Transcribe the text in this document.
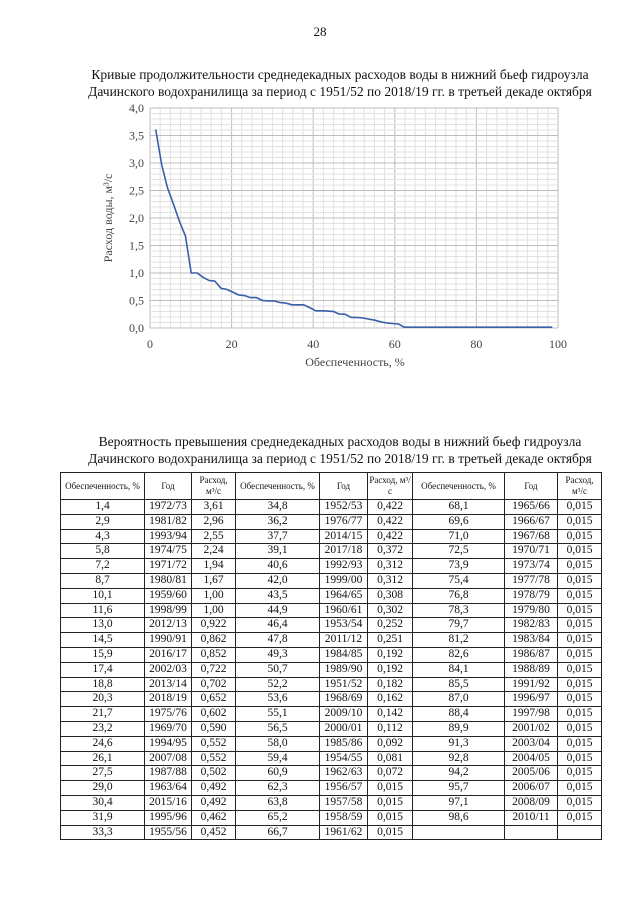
28
Кривые продолжительности среднедекадных расходов воды в нижний бьеф гидроузла
Дачинского водохранилища за период с 1951/52 по 2018/19 гг. в третьей декаде октября
0,0
0,5
1,0
1,5
2,0
2,5
3,0
3,5
4,0
0	20	40	60	80	100
Обеспеченность, %
Расход воды, м³/с
Вероятность превышения среднедекадных расходов воды в нижний бьеф гидроузла
Дачинского водохранилища за период с 1951/52 по 2018/19 гг. в третьей декаде октября
Обеспеченность, %	Год	Расход, м³/с	Обеспеченность, %	Год	Расход, м³/с	Обеспеченность, %	Год	Расход, м³/с
1,4	1972/73	3,61	34,8	1952/53	0,422	68,1	1965/66	0,015
2,9	1981/82	2,96	36,2	1976/77	0,422	69,6	1966/67	0,015
4,3	1993/94	2,55	37,7	2014/15	0,422	71,0	1967/68	0,015
5,8	1974/75	2,24	39,1	2017/18	0,372	72,5	1970/71	0,015
7,2	1971/72	1,94	40,6	1992/93	0,312	73,9	1973/74	0,015
8,7	1980/81	1,67	42,0	1999/00	0,312	75,4	1977/78	0,015
10,1	1959/60	1,00	43,5	1964/65	0,308	76,8	1978/79	0,015
11,6	1998/99	1,00	44,9	1960/61	0,302	78,3	1979/80	0,015
13,0	2012/13	0,922	46,4	1953/54	0,252	79,7	1982/83	0,015
14,5	1990/91	0,862	47,8	2011/12	0,251	81,2	1983/84	0,015
15,9	2016/17	0,852	49,3	1984/85	0,192	82,6	1986/87	0,015
17,4	2002/03	0,722	50,7	1989/90	0,192	84,1	1988/89	0,015
18,8	2013/14	0,702	52,2	1951/52	0,182	85,5	1991/92	0,015
20,3	2018/19	0,652	53,6	1968/69	0,162	87,0	1996/97	0,015
21,7	1975/76	0,602	55,1	2009/10	0,142	88,4	1997/98	0,015
23,2	1969/70	0,590	56,5	2000/01	0,112	89,9	2001/02	0,015
24,6	1994/95	0,552	58,0	1985/86	0,092	91,3	2003/04	0,015
26,1	2007/08	0,552	59,4	1954/55	0,081	92,8	2004/05	0,015
27,5	1987/88	0,502	60,9	1962/63	0,072	94,2	2005/06	0,015
29,0	1963/64	0,492	62,3	1956/57	0,015	95,7	2006/07	0,015
30,4	2015/16	0,492	63,8	1957/58	0,015	97,1	2008/09	0,015
31,9	1995/96	0,462	65,2	1958/59	0,015	98,6	2010/11	0,015
33,3	1955/56	0,452	66,7	1961/62	0,015			
